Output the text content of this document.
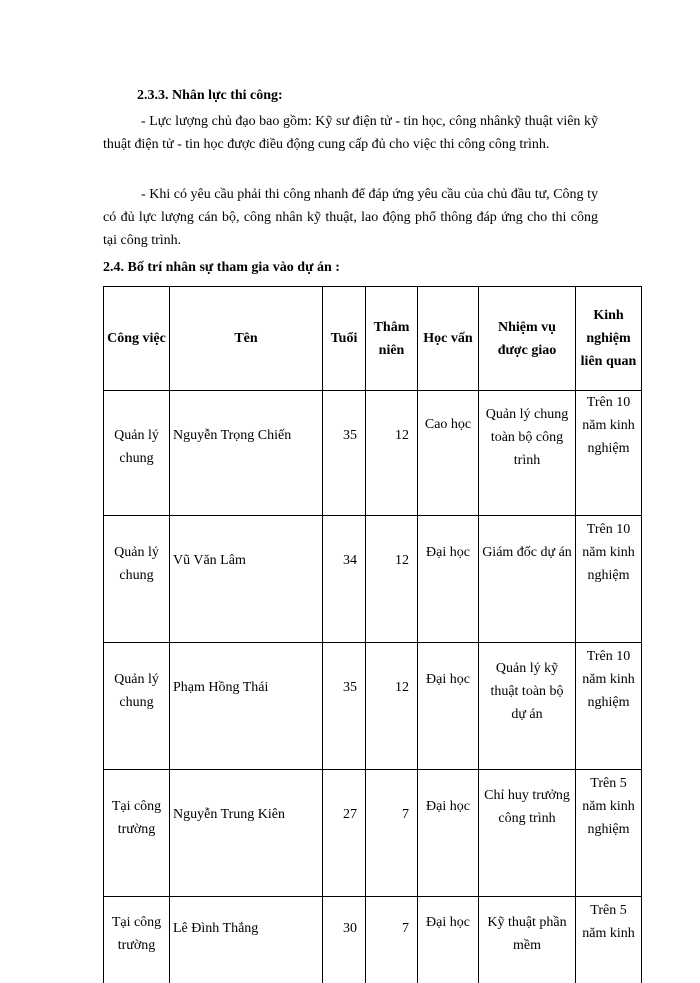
2.3.3. Nhân lực thi công:
- Lực lượng chủ đạo bao gồm: Kỹ sư điện tử - tin học, công nhânkỹ thuật viên kỹ thuật điện tử - tin học được điều động cung cấp đủ cho việc thi công công trình.
- Khi có yêu cầu phải thi công nhanh để đáp ứng yêu cầu của chủ đầu tư, Công ty có đủ lực lượng cán bộ, công nhân kỹ thuật, lao động phổ thông đáp ứng cho thi công tại công trình.
2.4. Bố trí nhân sự tham gia vào dự án :
Công việc	Tên	Tuổi	Thâm niên	Học vấn	Nhiệm vụ được giao	Kinh nghiệm liên quan
Quản lý chung	Nguyễn Trọng Chiến	35	12	Cao học	Quản lý chung toàn bộ công trình	Trên 10 năm kinh nghiệm
Quản lý chung	Vũ Văn Lâm	34	12	Đại học	Giám đốc dự án	Trên 10 năm kinh nghiệm
Quản lý chung	Phạm Hồng Thái	35	12	Đại học	Quản lý kỹ thuật toàn bộ dự án	Trên 10 năm kinh nghiệm
Tại công trường	Nguyễn Trung Kiên	27	7	Đại học	Chỉ huy trưởng công trình	Trên 5 năm kinh nghiệm
Tại công trường	Lê Đình Thắng	30	7	Đại học	Kỹ thuật phần mềm	Trên 5 năm kinh
